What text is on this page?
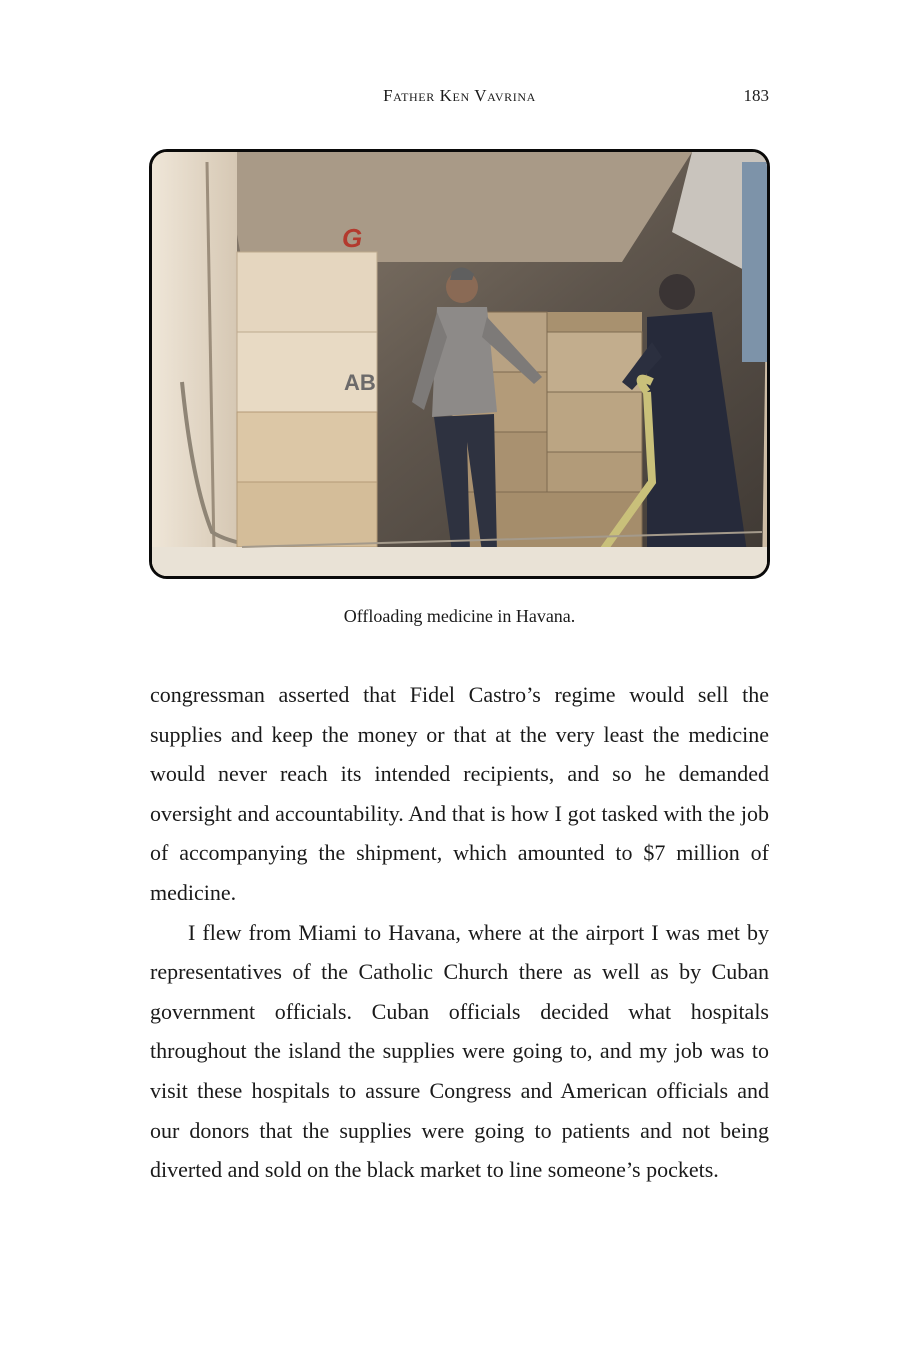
Father Ken Vavrina	183
AB
G
Offloading medicine in Havana.

congressman asserted that Fidel Castro’s regime would sell the supplies and keep the money or that at the very least the medicine would never reach its intended recipients, and so he demanded oversight and accountability. And that is how I got tasked with the job of accompanying the shipment, which amounted to $7 million of medicine.

I flew from Miami to Havana, where at the airport I was met by representatives of the Catholic Church there as well as by Cuban government officials. Cuban officials decided what hospitals throughout the island the supplies were going to, and my job was to visit these hospitals to assure Congress and American officials and our donors that the supplies were going to patients and not being diverted and sold on the black market to line someone’s pockets.
